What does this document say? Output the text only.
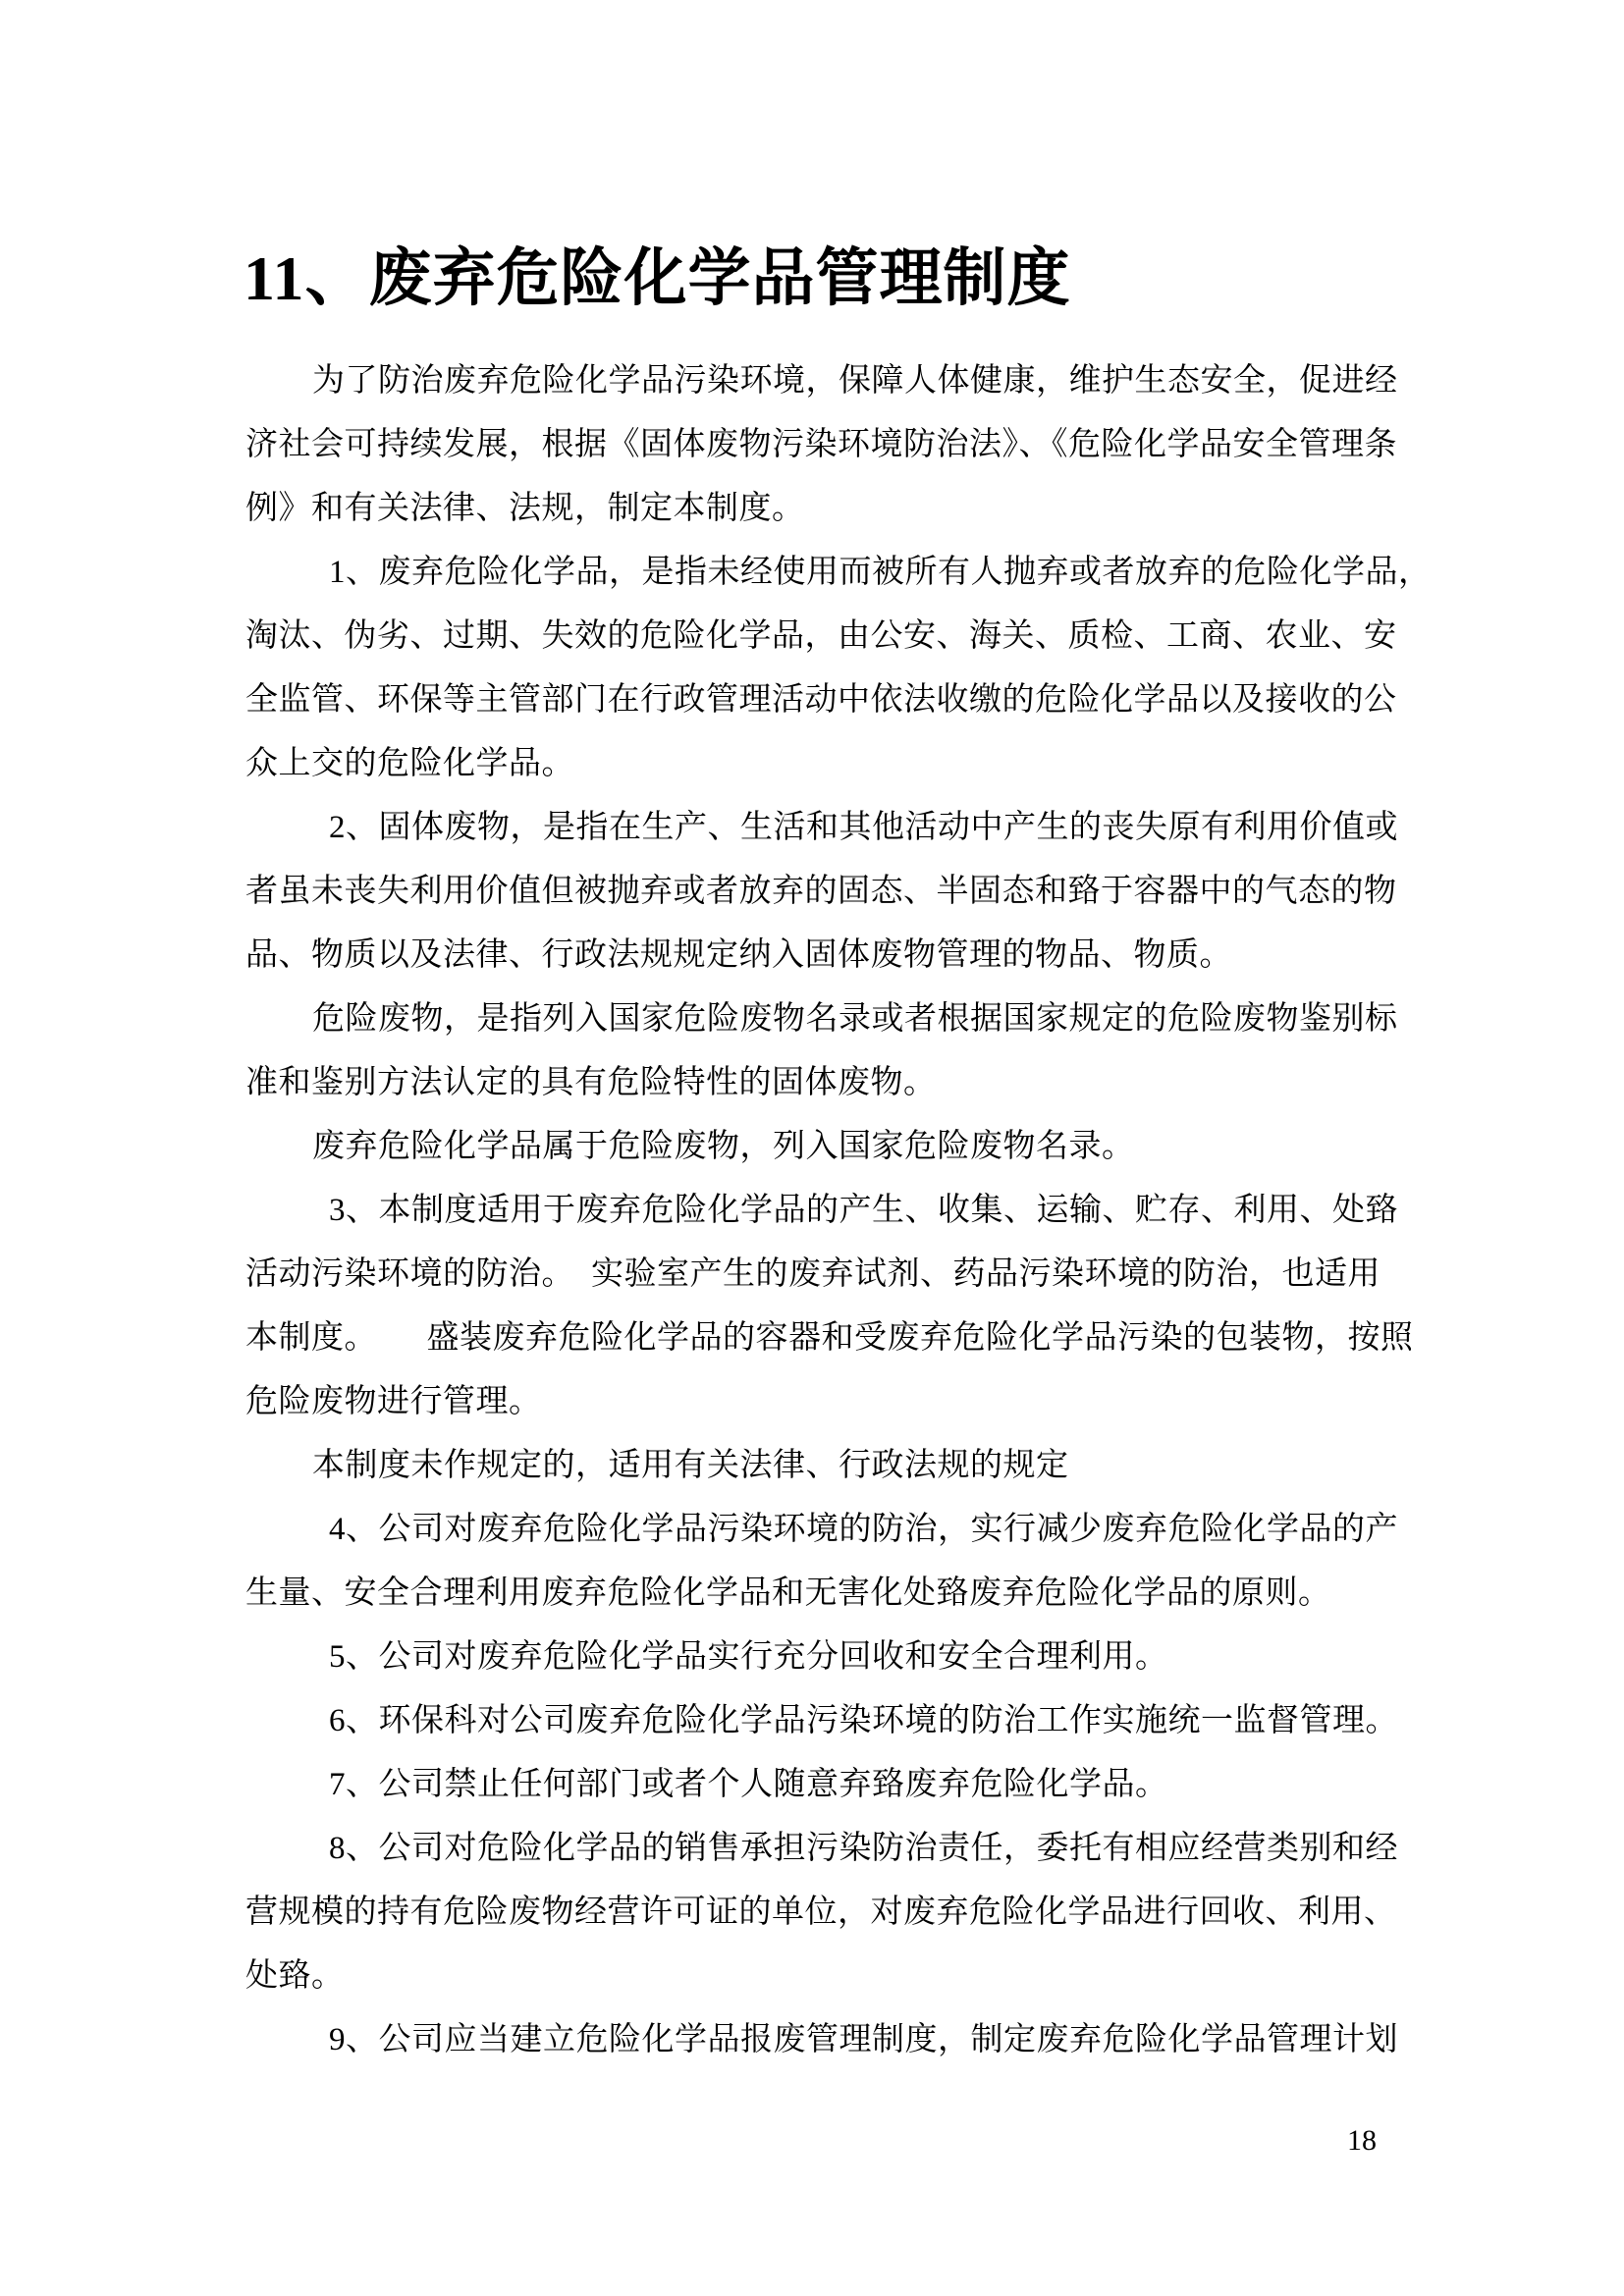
11、废弃危险化学品管理制度
为了防治废弃危险化学品污染环境，保障人体健康，维护生态安全，促进经
济社会可持续发展，根据《固体废物污染环境防治法》、《危险化学品安全管理条
例》和有关法律、法规，制定本制度。
1、废弃危险化学品，是指未经使用而被所有人抛弃或者放弃的危险化学品，
淘汰、伪劣、过期、失效的危险化学品，由公安、海关、质检、工商、农业、安
全监管、环保等主管部门在行政管理活动中依法收缴的危险化学品以及接收的公
众上交的危险化学品。
2、固体废物，是指在生产、生活和其他活动中产生的丧失原有利用价值或
者虽未丧失利用价值但被抛弃或者放弃的固态、半固态和臵于容器中的气态的物
品、物质以及法律、行政法规规定纳入固体废物管理的物品、物质。
危险废物，是指列入国家危险废物名录或者根据国家规定的危险废物鉴别标
准和鉴别方法认定的具有危险特性的固体废物。
废弃危险化学品属于危险废物，列入国家危险废物名录。
3、本制度适用于废弃危险化学品的产生、收集、运输、贮存、利用、处臵
活动污染环境的防治。　实验室产生的废弃试剂、药品污染环境的防治，也适用
本制度。　　盛装废弃危险化学品的容器和受废弃危险化学品污染的包装物，按照
危险废物进行管理。
本制度未作规定的，适用有关法律、行政法规的规定
4、公司对废弃危险化学品污染环境的防治，实行减少废弃危险化学品的产
生量、安全合理利用废弃危险化学品和无害化处臵废弃危险化学品的原则。
5、公司对废弃危险化学品实行充分回收和安全合理利用。
6、环保科对公司废弃危险化学品污染环境的防治工作实施统一监督管理。
7、公司禁止任何部门或者个人随意弃臵废弃危险化学品。
8、公司对危险化学品的销售承担污染防治责任，委托有相应经营类别和经
营规模的持有危险废物经营许可证的单位，对废弃危险化学品进行回收、利用、
处臵。
9、公司应当建立危险化学品报废管理制度，制定废弃危险化学品管理计划
18
